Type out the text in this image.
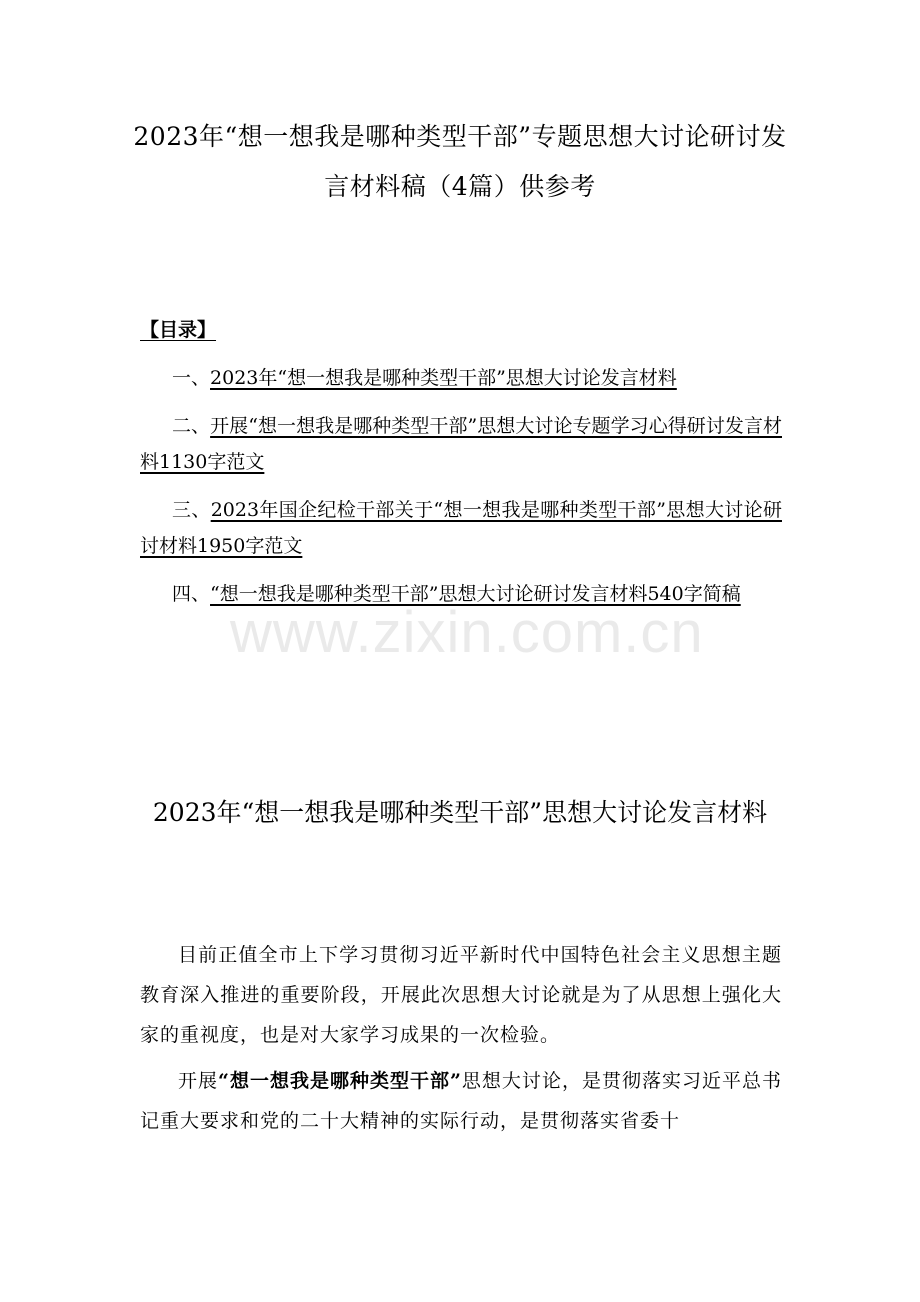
2023年“想一想我是哪种类型干部”专题思想大讨论研讨发言材料稿（4篇）供参考
【目录】
一、2023年“想一想我是哪种类型干部”思想大讨论发言材料
二、开展“想一想我是哪种类型干部”思想大讨论专题学习心得研讨发言材料1130字范文
三、2023年国企纪检干部关于“想一想我是哪种类型干部”思想大讨论研讨材料1950字范文
四、“想一想我是哪种类型干部”思想大讨论研讨发言材料540字简稿
www.zixin.com.cn
2023年“想一想我是哪种类型干部”思想大讨论发言材料

目前正值全市上下学习贯彻习近平新时代中国特色社会主义思想主题教育深入推进的重要阶段，开展此次思想大讨论就是为了从思想上强化大家的重视度，也是对大家学习成果的一次检验。

开展“想一想我是哪种类型干部”思想大讨论，是贯彻落实习近平总书记重大要求和党的二十大精神的实际行动，是贯彻落实省委十
